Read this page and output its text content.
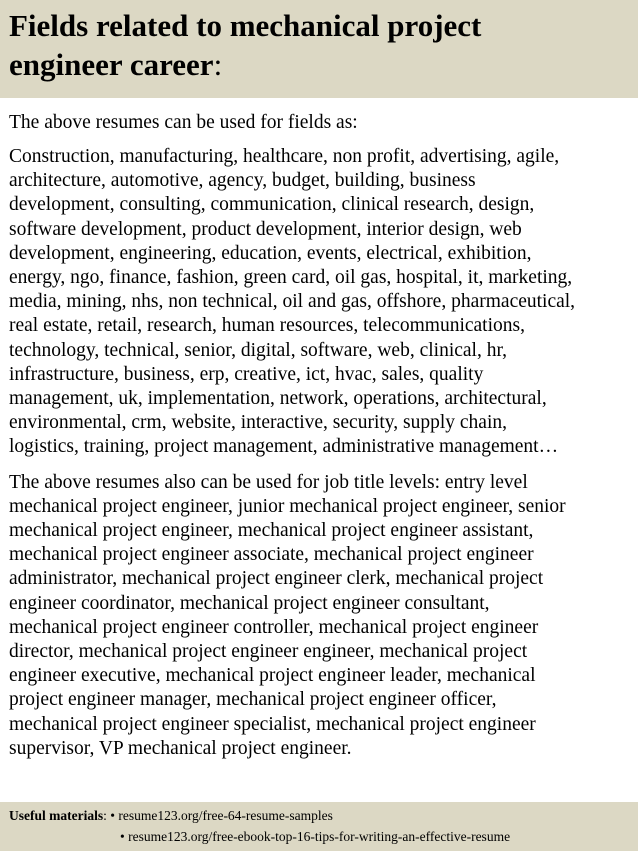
Fields related to mechanical project
engineer career:

The above resumes can be used for fields as:

Construction, manufacturing, healthcare, non profit, advertising, agile,
architecture, automotive, agency, budget, building, business
development, consulting, communication, clinical research, design,
software development, product development, interior design, web
development, engineering, education, events, electrical, exhibition,
energy, ngo, finance, fashion, green card, oil gas, hospital, it, marketing,
media, mining, nhs, non technical, oil and gas, offshore, pharmaceutical,
real estate, retail, research, human resources, telecommunications,
technology, technical, senior, digital, software, web, clinical, hr,
infrastructure, business, erp, creative, ict, hvac, sales, quality
management, uk, implementation, network, operations, architectural,
environmental, crm, website, interactive, security, supply chain,
logistics, training, project management, administrative management…

The above resumes also can be used for job title levels: entry level
mechanical project engineer, junior mechanical project engineer, senior
mechanical project engineer, mechanical project engineer assistant,
mechanical project engineer associate, mechanical project engineer
administrator, mechanical project engineer clerk, mechanical project
engineer coordinator, mechanical project engineer consultant,
mechanical project engineer controller, mechanical project engineer
director, mechanical project engineer engineer, mechanical project
engineer executive, mechanical project engineer leader, mechanical
project engineer manager, mechanical project engineer officer,
mechanical project engineer specialist, mechanical project engineer
supervisor, VP mechanical project engineer.

Useful materials :
• resume123.org/free-64-resume-samples
• resume123.org/free-ebook-top-16-tips-for-writing-an-effective-resume
